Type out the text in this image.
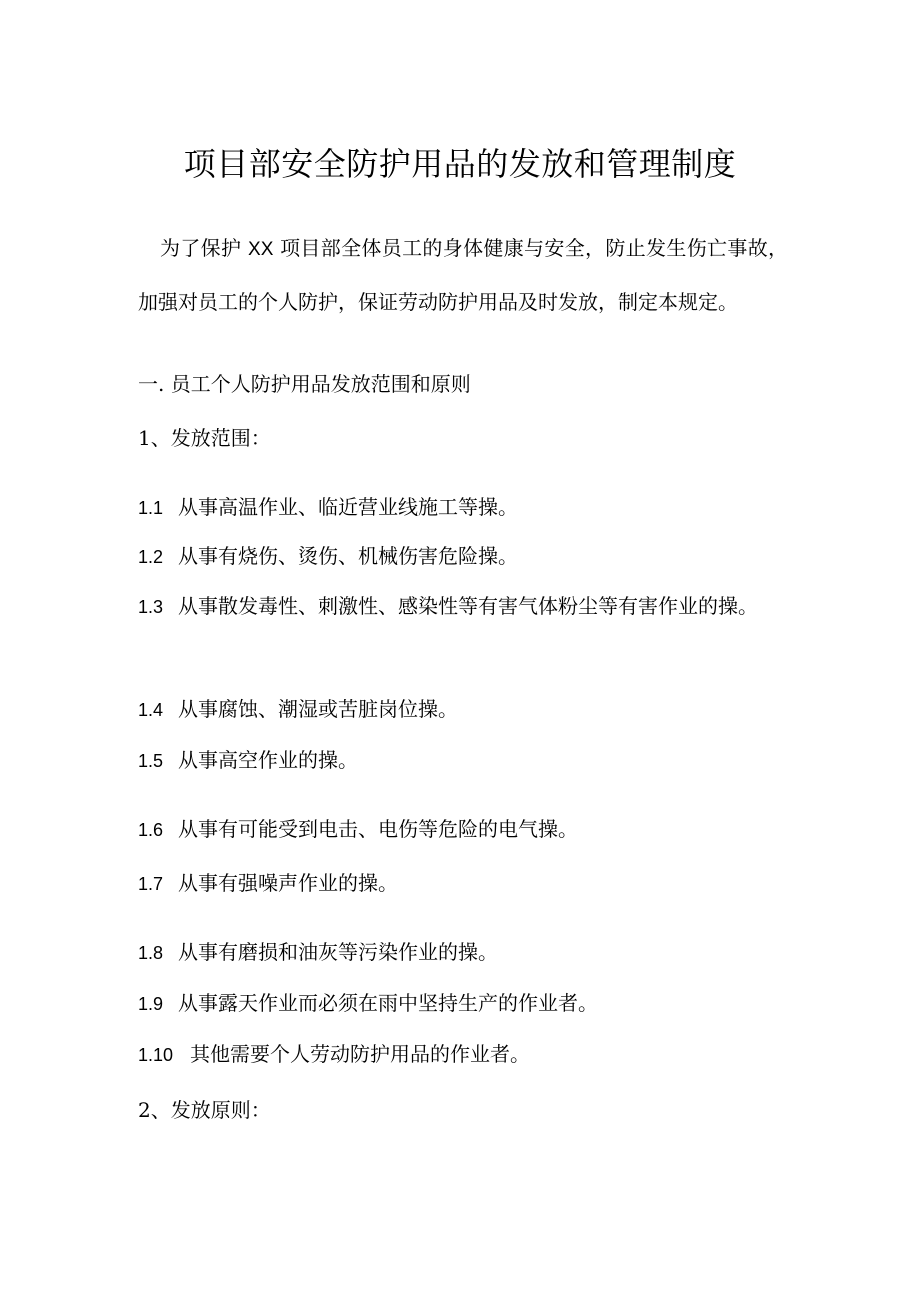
项目部安全防护用品的发放和管理制度
为了保护 XX 项目部全体员工的身体健康与安全，防止发生伤亡事故，加强对员工的个人防护，保证劳动防护用品及时发放，制定本规定。
一. 员工个人防护用品发放范围和原则
1、发放范围：
1.1 从事高温作业、临近营业线施工等操。
1.2 从事有烧伤、烫伤、机械伤害危险操。
1.3 从事散发毒性、刺激性、感染性等有害气体粉尘等有害作业的操。
1.4 从事腐蚀、潮湿或苦脏岗位操。
1.5 从事高空作业的操。
1.6 从事有可能受到电击、电伤等危险的电气操。
1.7 从事有强噪声作业的操。
1.8 从事有磨损和油灰等污染作业的操。
1.9 从事露天作业而必须在雨中坚持生产的作业者。
1.10 其他需要个人劳动防护用品的作业者。
2、发放原则：
